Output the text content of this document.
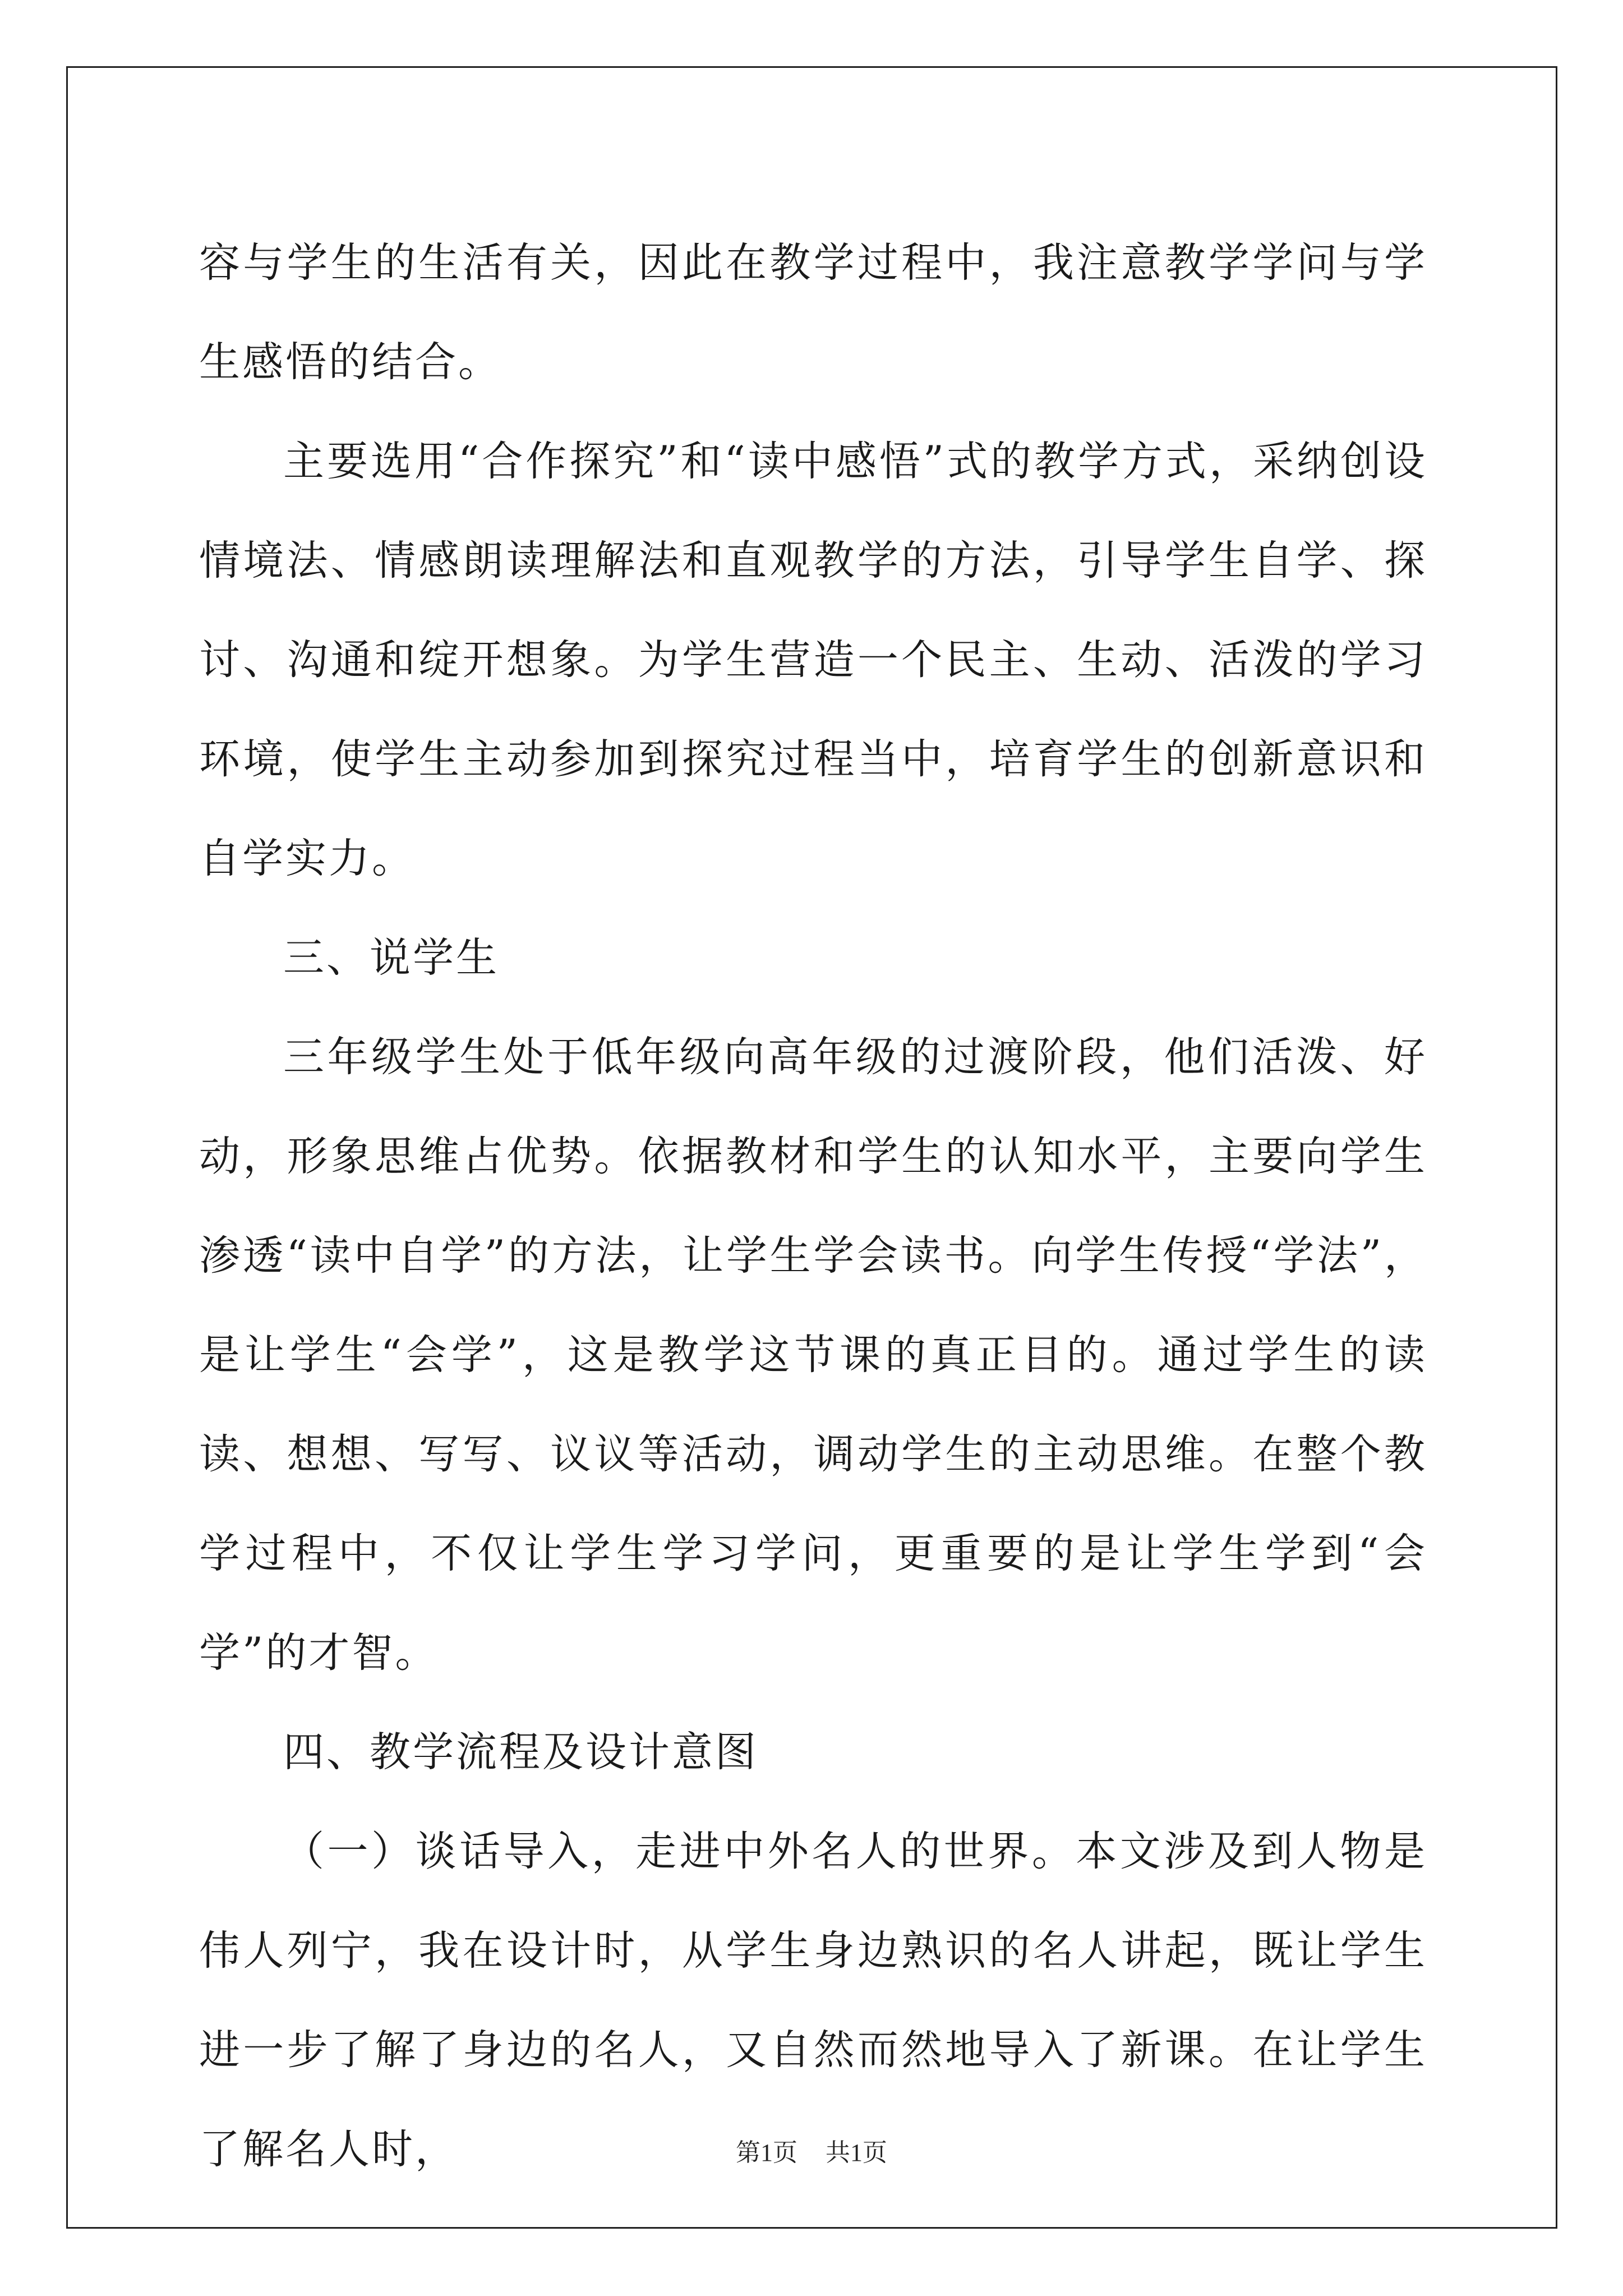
容与学生的生活有关，因此在教学过程中，我注意教学学问与学生感悟的结合。

主要选用“合作探究”和“读中感悟”式的教学方式，采纳创设情境法、情感朗读理解法和直观教学的方法，引导学生自学、探讨、沟通和绽开想象。为学生营造一个民主、生动、活泼的学习环境，使学生主动参加到探究过程当中，培育学生的创新意识和自学实力。

三、说学生

三年级学生处于低年级向高年级的过渡阶段，他们活泼、好动，形象思维占优势。依据教材和学生的认知水平，主要向学生渗透“读中自学”的方法，让学生学会读书。向学生传授“学法”，是让学生“会学”，这是教学这节课的真正目的。通过学生的读读、想想、写写、议议等活动，调动学生的主动思维。在整个教学过程中，不仅让学生学习学问，更重要的是让学生学到“会学”的才智。

四、教学流程及设计意图

（一）谈话导入，走进中外名人的世界。本文涉及到人物是伟人列宁，我在设计时，从学生身边熟识的名人讲起，既让学生进一步了解了身边的名人，又自然而然地导入了新课。在让学生了解名人时，	第1页 共1页
